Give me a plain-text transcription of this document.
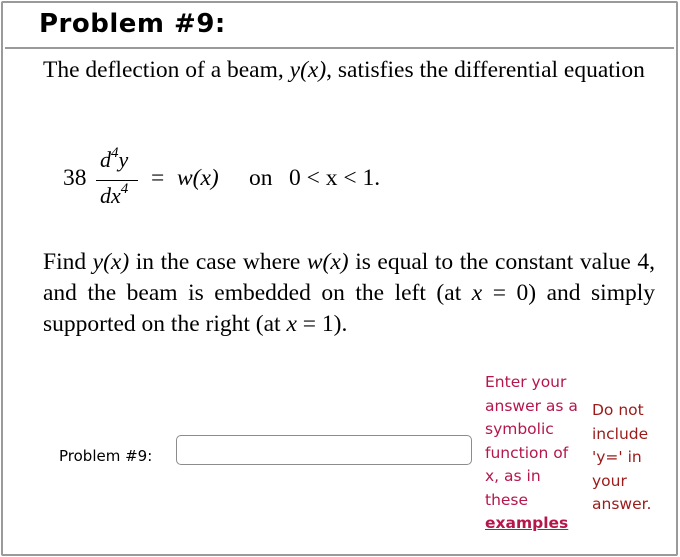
Problem #9:
The deflection of a beam, y(x), satisfies the differential equation
38
$d^4y$
$dx^4 = w(x)$ on 0 < x < 1.
Find y(x) in the case where w(x) is equal to the constant value 4, and the beam is embedded on the left (at x = 0) and simply supported on the right (at x = 1).
Problem #9:
Enter your answer as a symbolic function of x, as in these examples
Do not include 'y=' in your answer.
